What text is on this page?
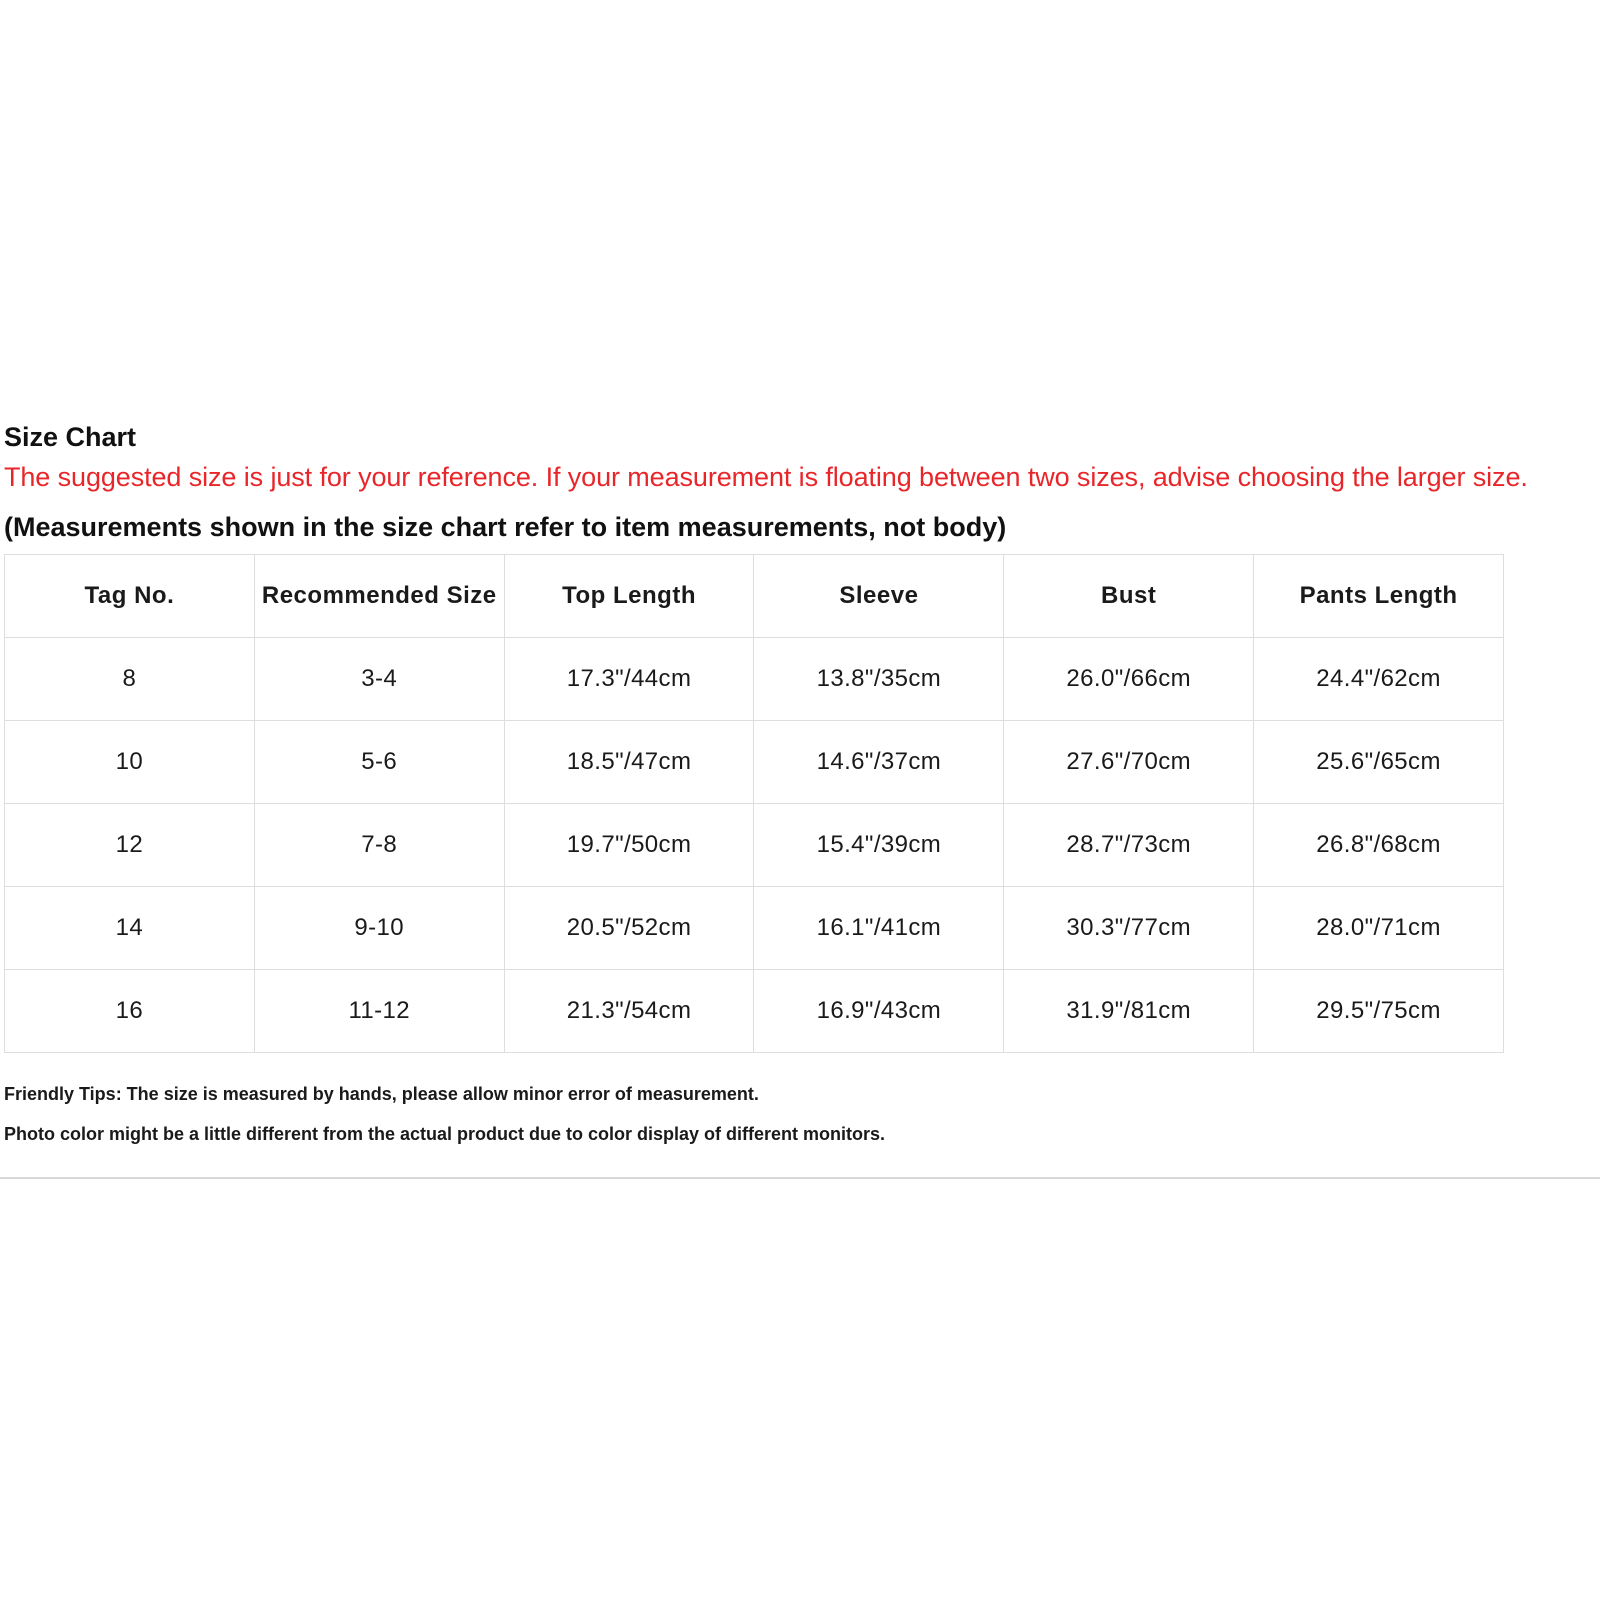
Size Chart

The suggested size is just for your reference. If your measurement is floating between two sizes, advise choosing the larger size.

(Measurements shown in the size chart refer to item measurements, not body)

Tag No.	Recommended Size	Top Length	Sleeve	Bust	Pants Length
8	3-4	17.3"/44cm	13.8"/35cm	26.0"/66cm	24.4"/62cm
10	5-6	18.5"/47cm	14.6"/37cm	27.6"/70cm	25.6"/65cm
12	7-8	19.7"/50cm	15.4"/39cm	28.7"/73cm	26.8"/68cm
14	9-10	20.5"/52cm	16.1"/41cm	30.3"/77cm	28.0"/71cm
16	11-12	21.3"/54cm	16.9"/43cm	31.9"/81cm	29.5"/75cm

Friendly Tips: The size is measured by hands, please allow minor error of measurement.

Photo color might be a little different from the actual product due to color display of different monitors.
